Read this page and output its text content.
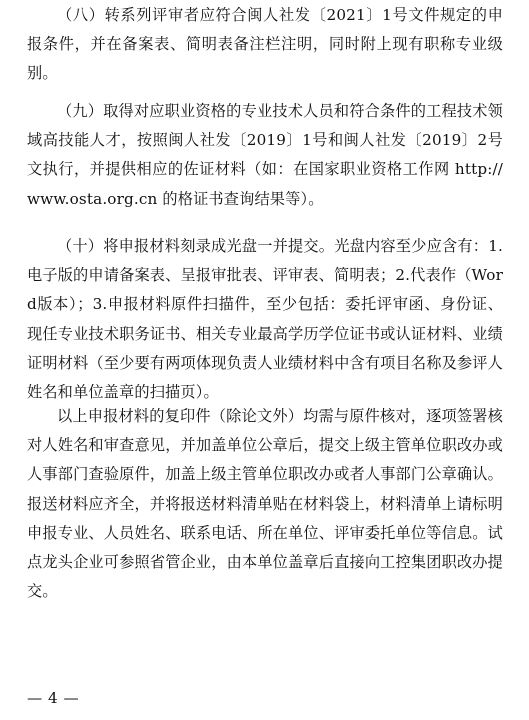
（八）转系列评审者应符合闽人社发〔2021〕1号文件规定的申报条件，并在备案表、简明表备注栏注明，同时附上现有职称专业级别。

（九）取得对应职业资格的专业技术人员和符合条件的工程技术领域高技能人才，按照闽人社发〔2019〕1号和闽人社发〔2019〕2号文执行，并提供相应的佐证材料（如：在国家职业资格工作网 http://www.osta.org.cn 的格证书查询结果等）。

（十）将申报材料刻录成光盘一并提交。光盘内容至少应含有：1.电子版的申请备案表、呈报审批表、评审表、简明表；2.代表作（Word版本）；3.申报材料原件扫描件，至少包括：委托评审函、身份证、现任专业技术职务证书、相关专业最高学历学位证书或认证材料、业绩证明材料（至少要有两项体现负责人业绩材料中含有项目名称及参评人姓名和单位盖章的扫描页）。

以上申报材料的复印件（除论文外）均需与原件核对，逐项签署核对人姓名和审查意见，并加盖单位公章后，提交上级主管单位职改办或人事部门查验原件，加盖上级主管单位职改办或者人事部门公章确认。报送材料应齐全，并将报送材料清单贴在材料袋上，材料清单上请标明申报专业、人员姓名、联系电话、所在单位、评审委托单位等信息。试点龙头企业可参照省管企业，由本单位盖章后直接向工控集团职改办提交。

— 4 —
